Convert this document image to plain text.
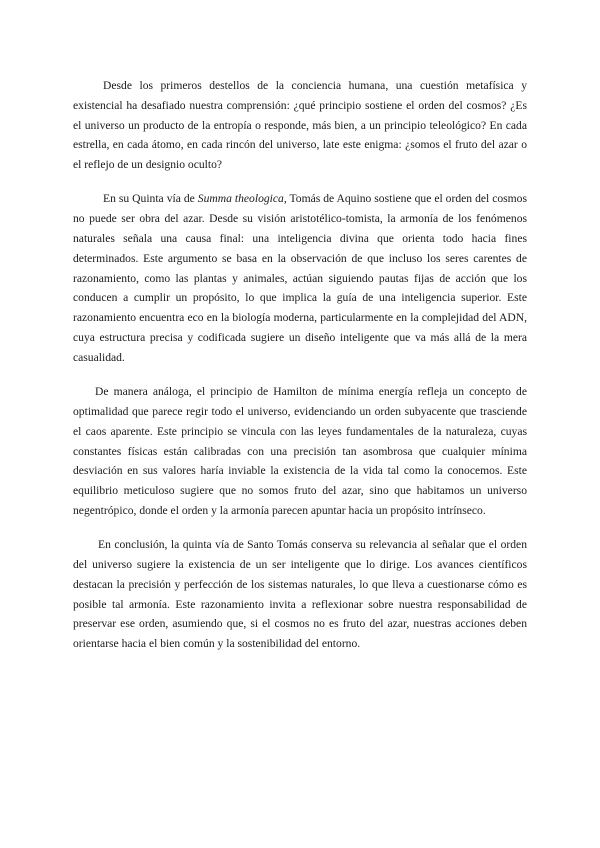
Desde los primeros destellos de la conciencia humana, una cuestión metafísica y existencial ha desafiado nuestra comprensión: ¿qué principio sostiene el orden del cosmos? ¿Es el universo un producto de la entropía o responde, más bien, a un principio teleológico? En cada estrella, en cada átomo, en cada rincón del universo, late este enigma: ¿somos el fruto del azar o el reflejo de un designio oculto?

En su Quinta vía de Summa theologica, Tomás de Aquino sostiene que el orden del cosmos no puede ser obra del azar. Desde su visión aristotélico-tomista, la armonía de los fenómenos naturales señala una causa final: una inteligencia divina que orienta todo hacia fines determinados. Este argumento se basa en la observación de que incluso los seres carentes de razonamiento, como las plantas y animales, actúan siguiendo pautas fijas de acción que los conducen a cumplir un propósito, lo que implica la guía de una inteligencia superior. Este razonamiento encuentra eco en la biología moderna, particularmente en la complejidad del ADN, cuya estructura precisa y codificada sugiere un diseño inteligente que va más allá de la mera casualidad.

De manera análoga, el principio de Hamilton de mínima energía refleja un concepto de optimalidad que parece regir todo el universo, evidenciando un orden subyacente que trasciende el caos aparente. Este principio se vincula con las leyes fundamentales de la naturaleza, cuyas constantes físicas están calibradas con una precisión tan asombrosa que cualquier mínima desviación en sus valores haría inviable la existencia de la vida tal como la conocemos. Este equilibrio meticuloso sugiere que no somos fruto del azar, sino que habitamos un universo negentrópico, donde el orden y la armonía parecen apuntar hacia un propósito intrínseco.

En conclusión, la quinta vía de Santo Tomás conserva su relevancia al señalar que el orden del universo sugiere la existencia de un ser inteligente que lo dirige. Los avances científicos destacan la precisión y perfección de los sistemas naturales, lo que lleva a cuestionarse cómo es posible tal armonía. Este razonamiento invita a reflexionar sobre nuestra responsabilidad de preservar ese orden, asumiendo que, si el cosmos no es fruto del azar, nuestras acciones deben orientarse hacia el bien común y la sostenibilidad del entorno.
